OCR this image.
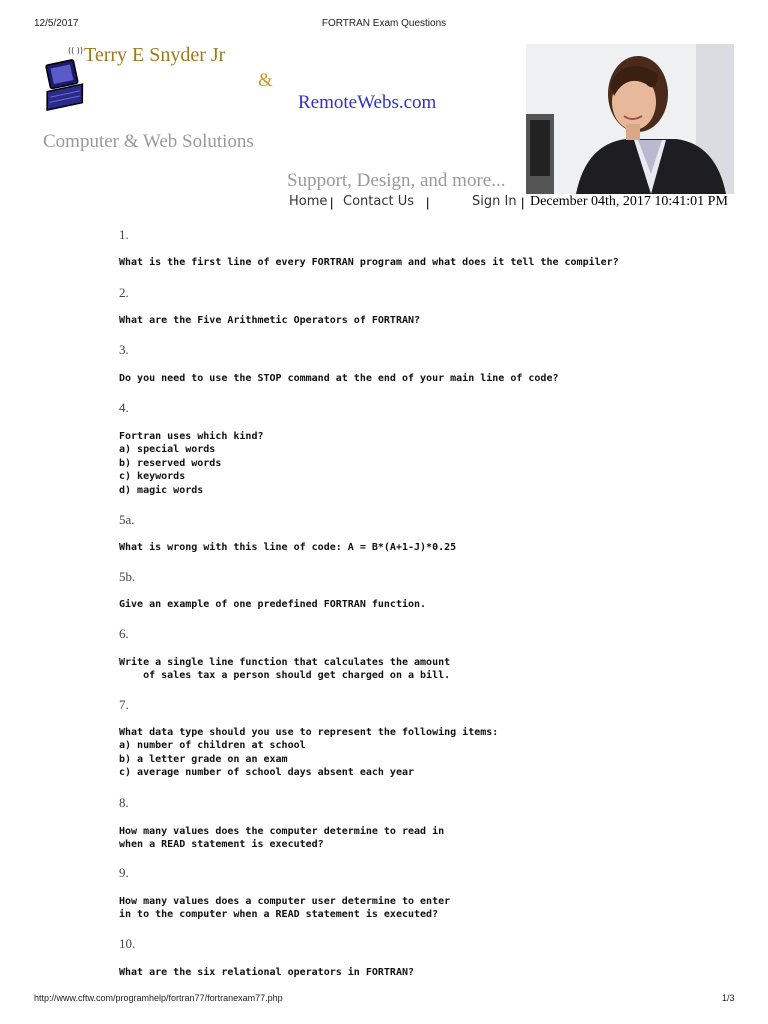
12/5/2017	FORTRAN Exam Questions
(( )) Terry E Snyder Jr
&
RemoteWebs.com
Computer & Web Solutions
Support, Design, and more...
Home | Contact Us |	Sign In | December 04th, 2017 10:41:01 PM
1.
What is the first line of every FORTRAN program and what does it tell the compiler?
2.
What are the Five Arithmetic Operators of FORTRAN?
3.
Do you need to use the STOP command at the end of your main line of code?
4.
Fortran uses which kind?
a) special words
b) reserved words
c) keywords
d) magic words
5a.
What is wrong with this line of code: A = B*(A+1-J)*0.25
5b.
Give an example of one predefined FORTRAN function.
6.
Write a single line function that calculates the amount
of sales tax a person should get charged on a bill.
7.
What data type should you use to represent the following items:
a) number of children at school
b) a letter grade on an exam
c) average number of school days absent each year
8.
How many values does the computer determine to read in
when a READ statement is executed?
9.
How many values does a computer user determine to enter
in to the computer when a READ statement is executed?
10.
What are the six relational operators in FORTRAN?
http://www.cftw.com/programhelp/fortran77/fortranexam77.php	1/3
